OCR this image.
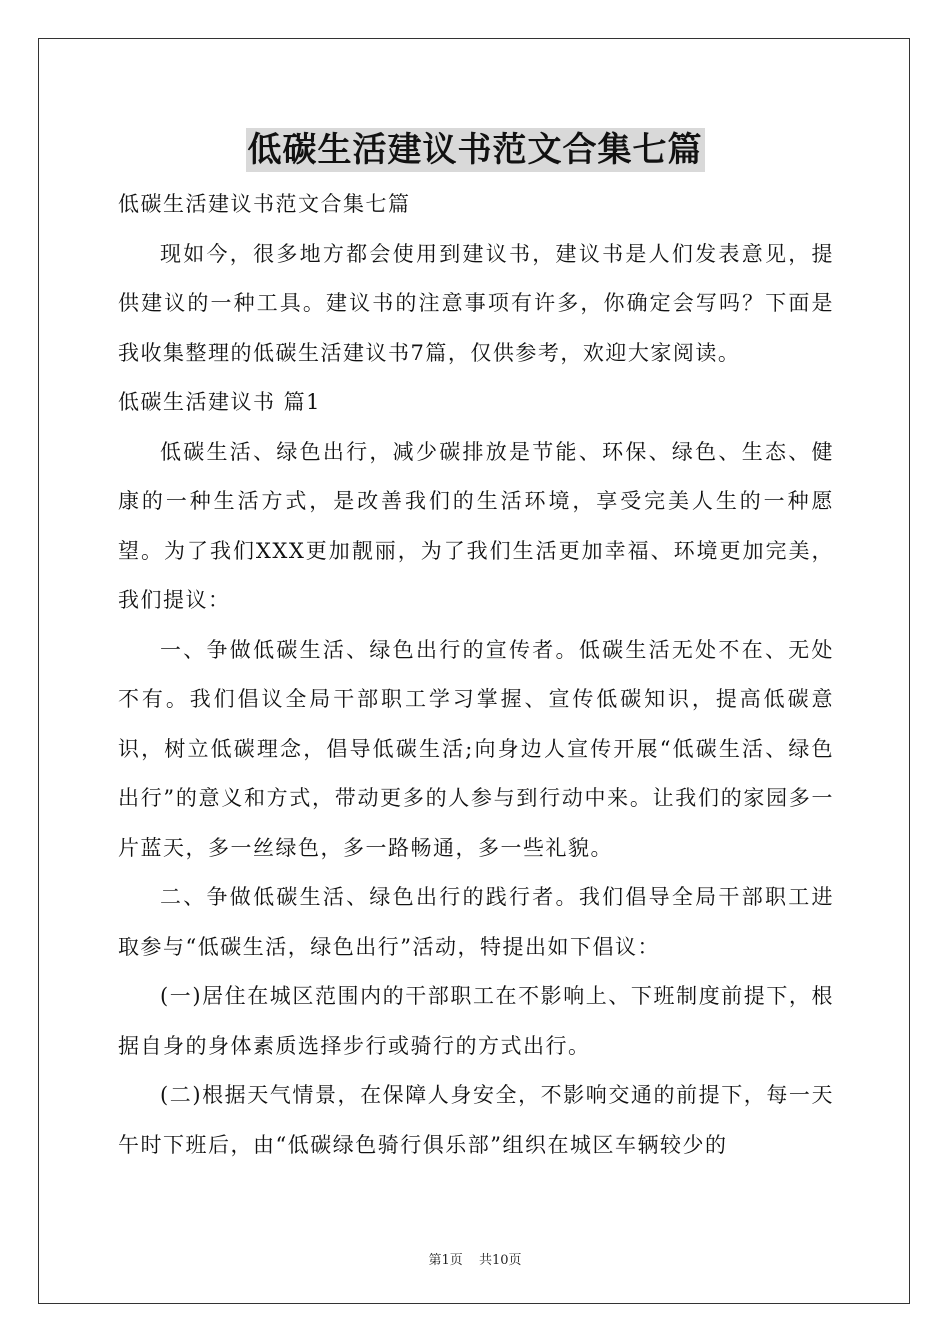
低碳生活建议书范文合集七篇

低碳生活建议书范文合集七篇

现如今，很多地方都会使用到建议书，建议书是人们发表意见，提供建议的一种工具。建议书的注意事项有许多，你确定会写吗？下面是我收集整理的低碳生活建议书7篇，仅供参考，欢迎大家阅读。

低碳生活建议书 篇1

低碳生活、绿色出行，减少碳排放是节能、环保、绿色、生态、健康的一种生活方式，是改善我们的生活环境，享受完美人生的一种愿望。为了我们XXX更加靓丽，为了我们生活更加幸福、环境更加完美，我们提议：

一、争做低碳生活、绿色出行的宣传者。低碳生活无处不在、无处不有。我们倡议全局干部职工学习掌握、宣传低碳知识，提高低碳意识，树立低碳理念，倡导低碳生活;向身边人宣传开展“低碳生活、绿色出行”的意义和方式，带动更多的人参与到行动中来。让我们的家园多一片蓝天，多一丝绿色，多一路畅通，多一些礼貌。

二、争做低碳生活、绿色出行的践行者。我们倡导全局干部职工进取参与“低碳生活，绿色出行”活动，特提出如下倡议：

(一)居住在城区范围内的干部职工在不影响上、下班制度前提下，根据自身的身体素质选择步行或骑行的方式出行。

(二)根据天气情景，在保障人身安全，不影响交通的前提下，每一天午时下班后，由“低碳绿色骑行俱乐部”组织在城区车辆较少的

第1页 共10页
